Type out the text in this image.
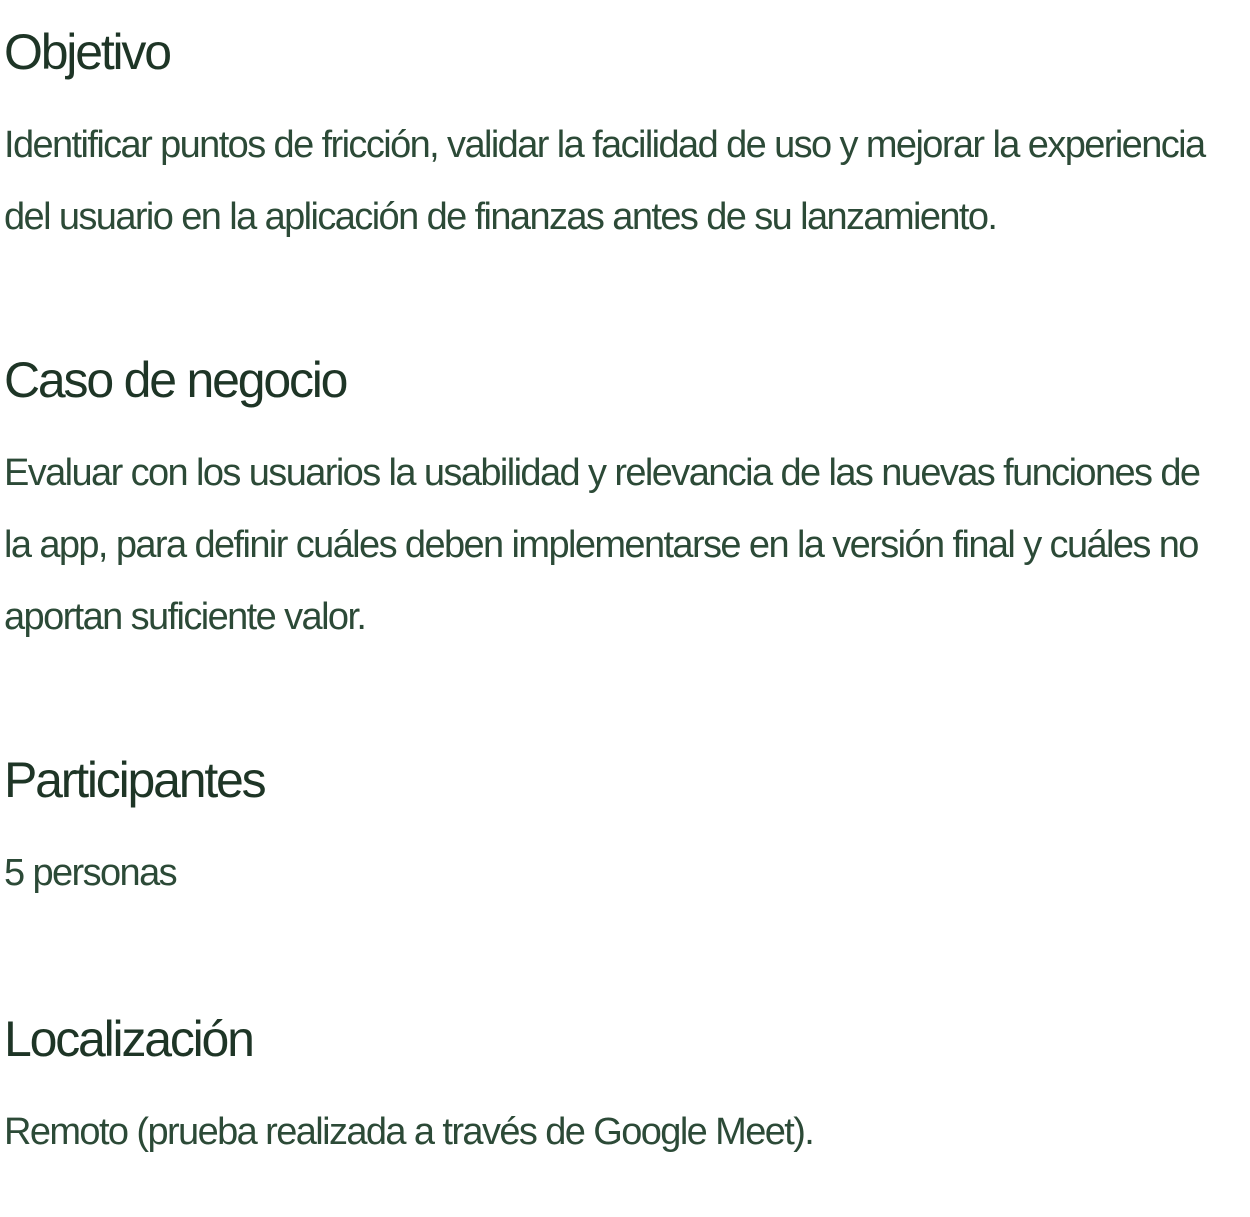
Objetivo

Identificar puntos de fricción, validar la facilidad de uso y mejorar la experiencia del usuario en la aplicación de finanzas antes de su lanzamiento.

Caso de negocio

Evaluar con los usuarios la usabilidad y relevancia de las nuevas funciones de la app, para definir cuáles deben implementarse en la versión final y cuáles no aportan suficiente valor.

Participantes

5 personas

Localización

Remoto (prueba realizada a través de Google Meet).
